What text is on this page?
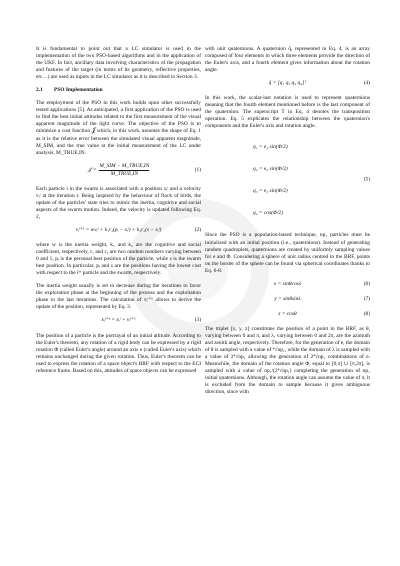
It is fundamental to point out that a LC simulator is used in the implementation of the two PSO-based algorithms and in the application of the UKF. In fact, ancillary data involving characteristics of the propagation and features of the target (in terms of its geometry, reflective properties, etc…) are used as inputs in the LC simulator as it is described in Section 3.

2.1 PSO Implementation

The employment of the PSO in this work builds upon other successfully tested applications [5]. As anticipated, a first application of the PSO is used to find the best initial attitudes related to the first measurement of the visual apparent magnitude of the light curve. The objective of the PSO is to minimize a cost function 𝒥 which, in this work, assumes the shape of Eq. 1 as it is the relative error between the simulated visual apparent magnitude, M_SIM, and the true value at the initial measurement of the LC under analysis, M_TRUE,IN.

𝒥 = $\frac{\text{M\_SIM − M\_TRUE,IN}}{\text{M\_TRUE,IN}}$	(1)

Each particle i in the swarm is associated with a position xᵢᵗ and a velocity vᵢᵗ at the iteration t. Being inspired by the behaviour of flock of birds, the update of the particles' state tries to mimic the inertia, cognitive and social aspects of the swarm motion. Indeed, the velocity is updated following Eq. 2,

vᵢᵗ⁺¹ = wvᵢᵗ + k₁r₁(pᵢ − xᵢᵗ) + k₂r₂(s − xᵢᵗ)	(2)

where w is the inertia weight, k₁ and k₂ are the cognitive and social coefficient, respectively, r₁ and r₂ are two random numbers varying between 0 and 1, pᵢ is the personal best position of the particle, while s is the swarm best position. In particular, pᵢ and s are the positions having the lowest cost with respect to the iᵗʰ particle and the swarm, respectively.

The inertia weight usually is set to decrease during the iterations to favor the exploration phase at the beginning of the process and the exploitation phase in the last iterations. The calculation of vᵢᵗ⁺¹ allows to derive the update of the position, represented by Eq. 3.

xᵢᵗ⁺¹ = xᵢᵗ + vᵢᵗ⁺¹	(3)

The position of a particle is the portrayal of an initial attitude. According to the Euler's theorem, any rotation of a rigid body can be expressed by a rigid rotation Φ (called Euler's angle) around an axis e (called Euler's axis) which remains unchanged during the given rotation. Thus, Euler's theorem can be used to express the rotation of a space object's BRF with respect to the ECI reference frame. Based on this, attitudes of space objects can be expressed

with unit quaternions. A quaternion q̄, represented in Eq. 4, is an array composed of four elements in which three elements provide the direction of the Euler's axis, and a fourth element gives information about the rotation angle.

q̄ = [q₁ q₂ q₃ q₄]ᵀ	(4)

In this work, the scalar-last notation is used to represent quaternions meaning that the fourth element mentioned before is the last component of the quaternion. The superscript T in Eq. 4 denotes the transposition operation. Eq. 5 explicates the relationship between the quaternion's components and the Euler's axis and rotation angle.

q₁ = e₁ sin(Φ/2)
q₂ = e₂ sin(Φ/2)
q₃ = e₃ sin(Φ/2)
q₄ = cos(Φ/2)
(5)

Since the PSO is a population-based technique, np₁ particles must be initialized with an initial position (i.e., quaternions). Instead of generating random quadruplets, quaternions are created by uniformly sampling values for e and Φ. Considering a sphere of unit radius centred in the BRF, points on the border of the sphere can be found via spherical coordinates thanks to Eq. 6-8.

x = sinθcosλ	(6)
y = sinθsinλ	(7)
z = cosθ	(8)

The triplet [x, y, z] constitutes the position of a point in the BRF, as θ, varying between 0 and π, and λ, varying between 0 and 2π, are the azimuth and zenith angle, respectively. Therefore, for the generation of e, the domain of θ is sampled with a value of ⁴√np₁, while the domain of λ is sampled with a value of 2⁴√np₁ allowing the generation of 2⁴√np₁ combinations of e. Meanwhile, the domain of the rotation angle Φ, equal to [0,π] ∪ [π,2π], is sampled with a value of np₁/(2⁴√np₁) completing the generation of np₁ initial quaternions. Although, the rotation angle can assume the value of π, it is excluded from the domain to sample because it gives ambiguous direction, since with
